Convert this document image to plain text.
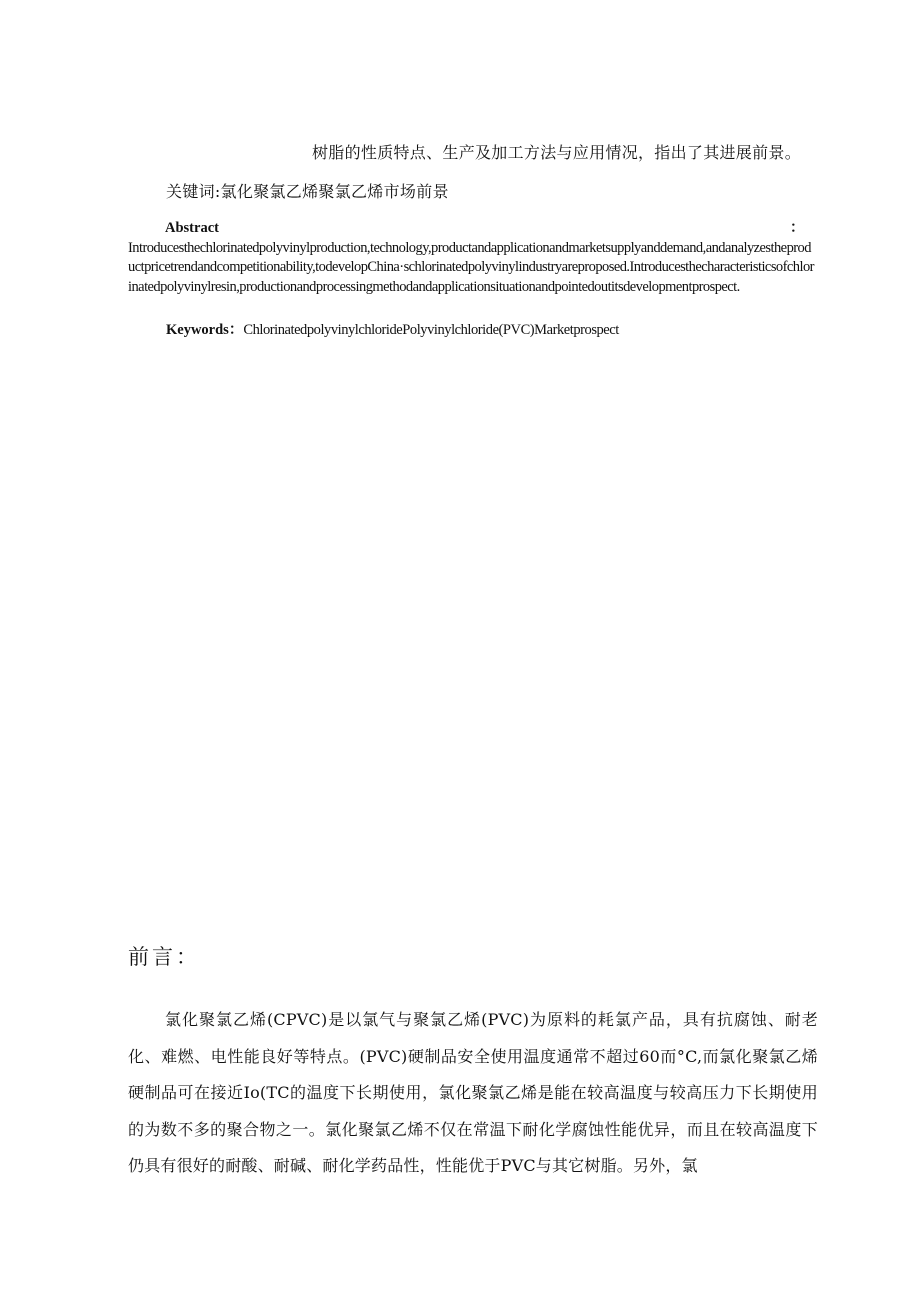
树脂的性质特点、生产及加工方法与应用情况，指出了其进展前景。
关键词:氯化聚氯乙烯聚氯乙烯市场前景
Abstract	：
Introducesthechlorinatedpolyvinylproduction,technology,productandapplicationandmarketsupplyanddemand,andanalyzestheproductpricetrendandcompetitionability,todevelopChina·schlorinatedpolyvinylindustryareproposed.Introducesthecharacteristicsofchlorinatedpolyvinylresin,productionandprocessingmethodandapplicationsituationandpointedoutitsdevelopmentprospect.
Keywords：ChlorinatedpolyvinylchloridePolyvinylchloride(PVC)Marketprospect
前言：
氯化聚氯乙烯(CPVC)是以氯气与聚氯乙烯(PVC)为原料的耗氯产品，具有抗腐蚀、耐老化、难燃、电性能良好等特点。(PVC)硬制品安全使用温度通常不超过60而°C,而氯化聚氯乙烯硬制品可在接近Io(TC的温度下长期使用，氯化聚氯乙烯是能在较高温度与较高压力下长期使用的为数不多的聚合物之一。氯化聚氯乙烯不仅在常温下耐化学腐蚀性能优异，而且在较高温度下仍具有很好的耐酸、耐碱、耐化学药品性，性能优于PVC与其它树脂。另外，氯
